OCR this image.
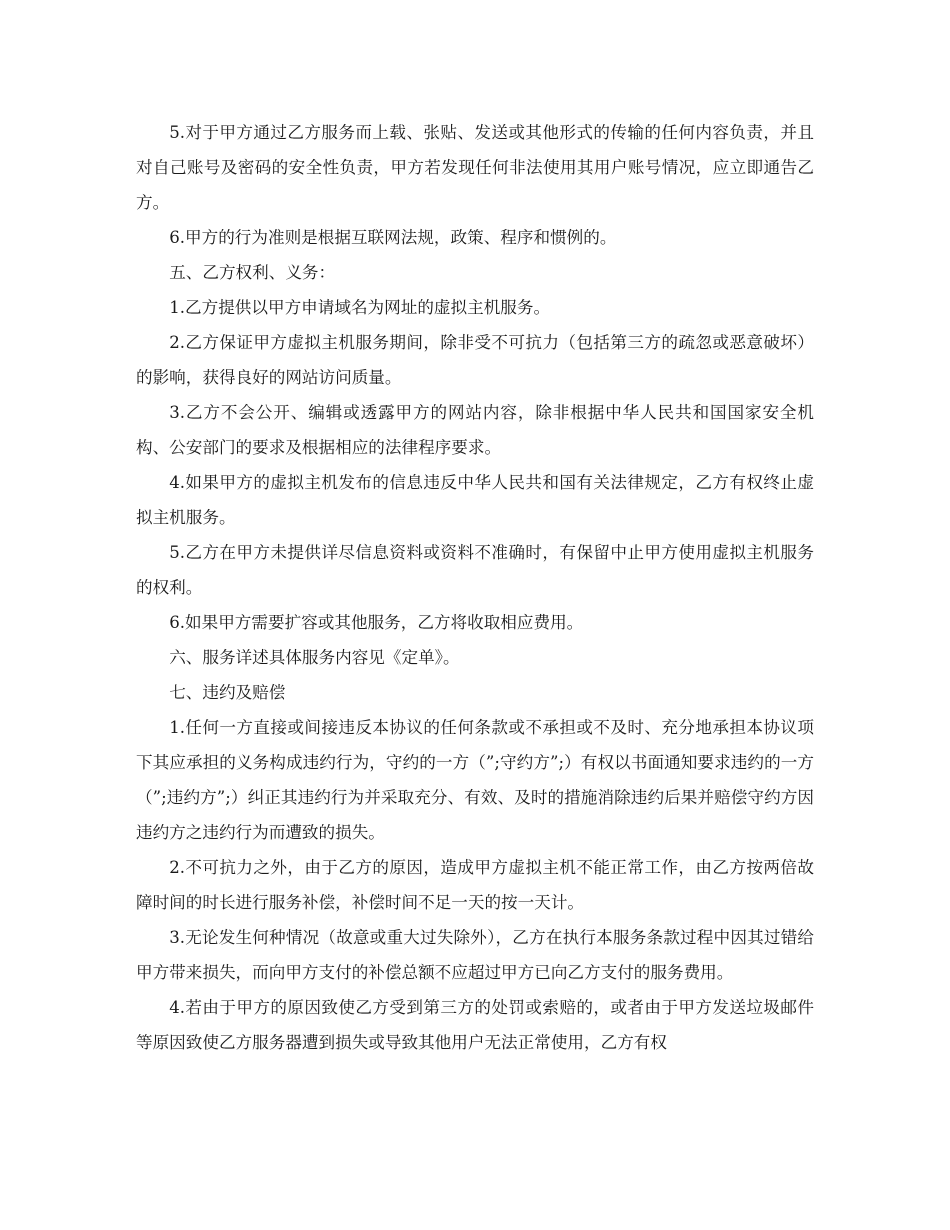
5.对于甲方通过乙方服务而上载、张贴、发送或其他形式的传输的任何内容负责，并且对自己账号及密码的安全性负责，甲方若发现任何非法使用其用户账号情况，应立即通告乙方。

6.甲方的行为准则是根据互联网法规，政策、程序和惯例的。

五、乙方权利、义务：

1.乙方提供以甲方申请域名为网址的虚拟主机服务。

2.乙方保证甲方虚拟主机服务期间，除非受不可抗力（包括第三方的疏忽或恶意破坏）的影响，获得良好的网站访问质量。

3.乙方不会公开、编辑或透露甲方的网站内容，除非根据中华人民共和国国家安全机构、公安部门的要求及根据相应的法律程序要求。

4.如果甲方的虚拟主机发布的信息违反中华人民共和国有关法律规定，乙方有权终止虚拟主机服务。

5.乙方在甲方未提供详尽信息资料或资料不准确时，有保留中止甲方使用虚拟主机服务的权利。

6.如果甲方需要扩容或其他服务，乙方将收取相应费用。

六、服务详述具体服务内容见《定单》。

七、违约及赔偿

1.任何一方直接或间接违反本协议的任何条款或不承担或不及时、充分地承担本协议项下其应承担的义务构成违约行为，守约的一方（”;守约方”;）有权以书面通知要求违约的一方（”;违约方”;）纠正其违约行为并采取充分、有效、及时的措施消除违约后果并赔偿守约方因违约方之违约行为而遭致的损失。

2.不可抗力之外，由于乙方的原因，造成甲方虚拟主机不能正常工作，由乙方按两倍故障时间的时长进行服务补偿，补偿时间不足一天的按一天计。

3.无论发生何种情况（故意或重大过失除外），乙方在执行本服务条款过程中因其过错给甲方带来损失，而向甲方支付的补偿总额不应超过甲方已向乙方支付的服务费用。

4.若由于甲方的原因致使乙方受到第三方的处罚或索赔的，或者由于甲方发送垃圾邮件等原因致使乙方服务器遭到损失或导致其他用户无法正常使用，乙方有权
